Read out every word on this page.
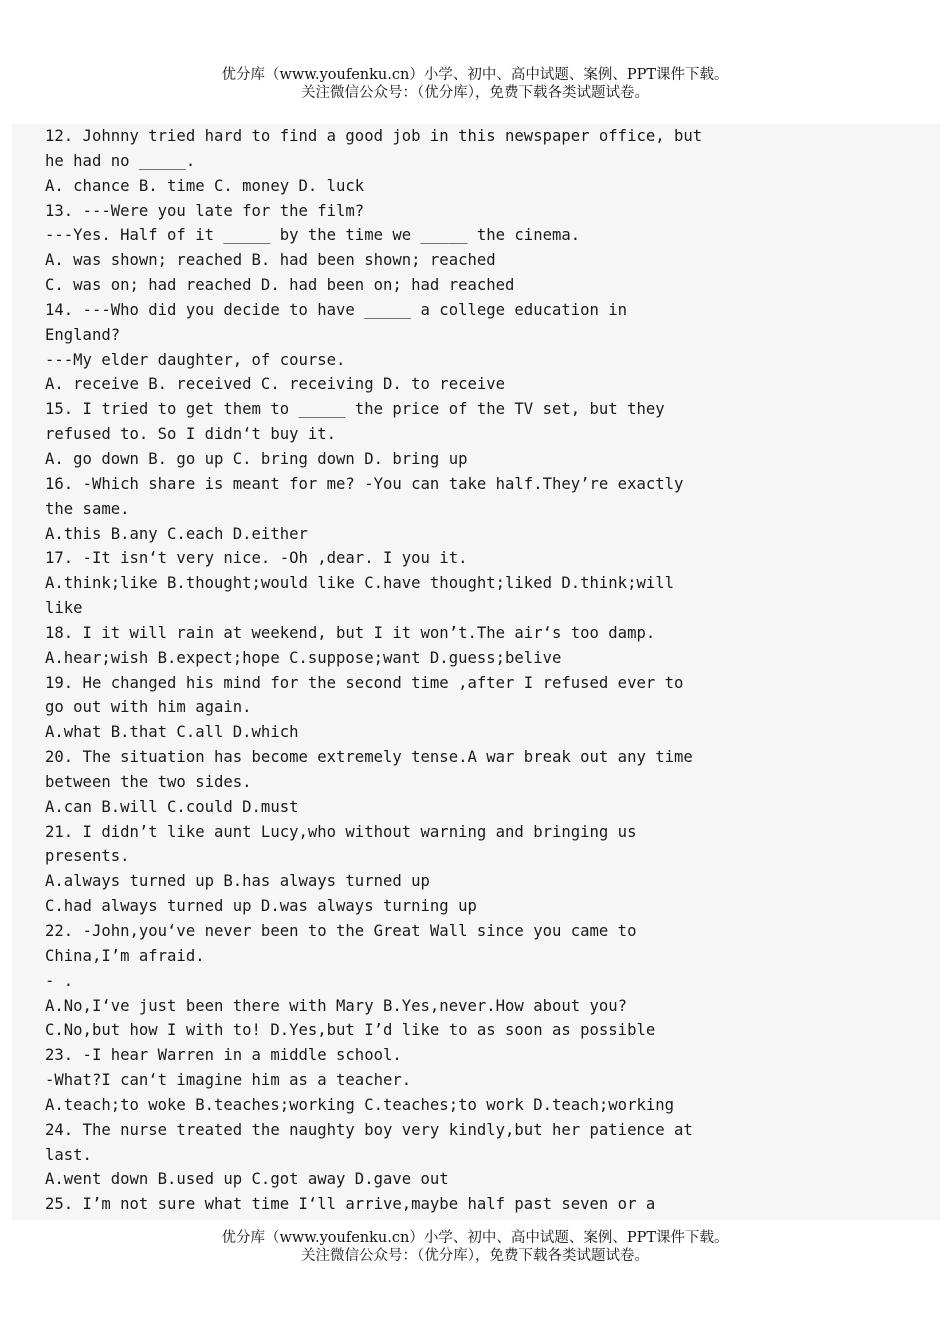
优分库（www.youfenku.cn）小学、初中、高中试题、案例、PPT课件下载。
关注微信公众号：（优分库），免费下载各类试题试卷。
12. Johnny tried hard to find a good job in this newspaper office, but
he had no _____.
A. chance B. time C. money D. luck
13. ---Were you late for the film?
---Yes. Half of it _____ by the time we _____ the cinema.
A. was shown; reached B. had been shown; reached
C. was on; had reached D. had been on; had reached
14. ---Who did you decide to have _____ a college education in
England?
---My elder daughter, of course.
A. receive B. received C. receiving D. to receive
15. I tried to get them to _____ the price of the TV set, but they
refused to. So I didn‘t buy it.
A. go down B. go up C. bring down D. bring up
16. -Which share is meant for me? -You can take half.They’re exactly
the same.
A.this B.any C.each D.either
17. -It isn‘t very nice. -Oh ,dear. I you it.
A.think;like B.thought;would like C.have thought;liked D.think;will
like
18. I it will rain at weekend, but I it won’t.The air‘s too damp.
A.hear;wish B.expect;hope C.suppose;want D.guess;belive
19. He changed his mind for the second time ,after I refused ever to
go out with him again.
A.what B.that C.all D.which
20. The situation has become extremely tense.A war break out any time
between the two sides.
A.can B.will C.could D.must
21. I didn’t like aunt Lucy,who without warning and bringing us
presents.
A.always turned up B.has always turned up
C.had always turned up D.was always turning up
22. -John,you‘ve never been to the Great Wall since you came to
China,I’m afraid.
- .
A.No,I‘ve just been there with Mary B.Yes,never.How about you?
C.No,but how I with to! D.Yes,but I’d like to as soon as possible
23. -I hear Warren in a middle school.
-What?I can‘t imagine him as a teacher.
A.teach;to woke B.teaches;working C.teaches;to work D.teach;working
24. The nurse treated the naughty boy very kindly,but her patience at
last.
A.went down B.used up C.got away D.gave out
25. I’m not sure what time I‘ll arrive,maybe half past seven or a
优分库（www.youfenku.cn）小学、初中、高中试题、案例、PPT课件下载。
关注微信公众号：（优分库），免费下载各类试题试卷。
